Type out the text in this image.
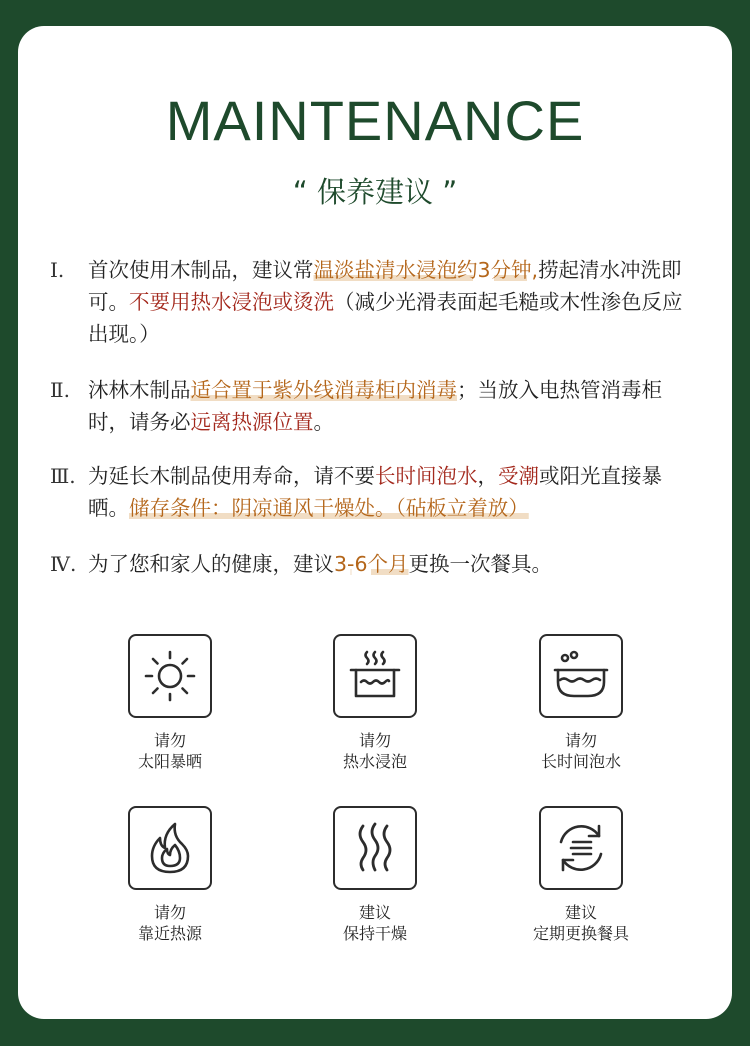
MAINTENANCE
“ 保养建议 ”
Ⅰ.	首次使用木制品，建议常温淡盐清水浸泡约3分钟,捞起清水冲洗即可。不要用热水浸泡或烫洗（减少光滑表面起毛糙或木性渗色反应出现。）
Ⅱ. 沐林木制品适合置于紫外线消毒柜内消毒；当放入电热管消毒柜时，请务必远离热源位置。
Ⅲ. 为延长木制品使用寿命，请不要长时间泡水，受潮或阳光直接暴晒。储存条件：阴凉通风干燥处。（砧板立着放）
Ⅳ. 为了您和家人的健康，建议3-6个月更换一次餐具。
请勿
太阳暴晒
请勿
热水浸泡
请勿
长时间泡水
请勿
靠近热源
建议
保持干燥
建议
定期更换餐具
